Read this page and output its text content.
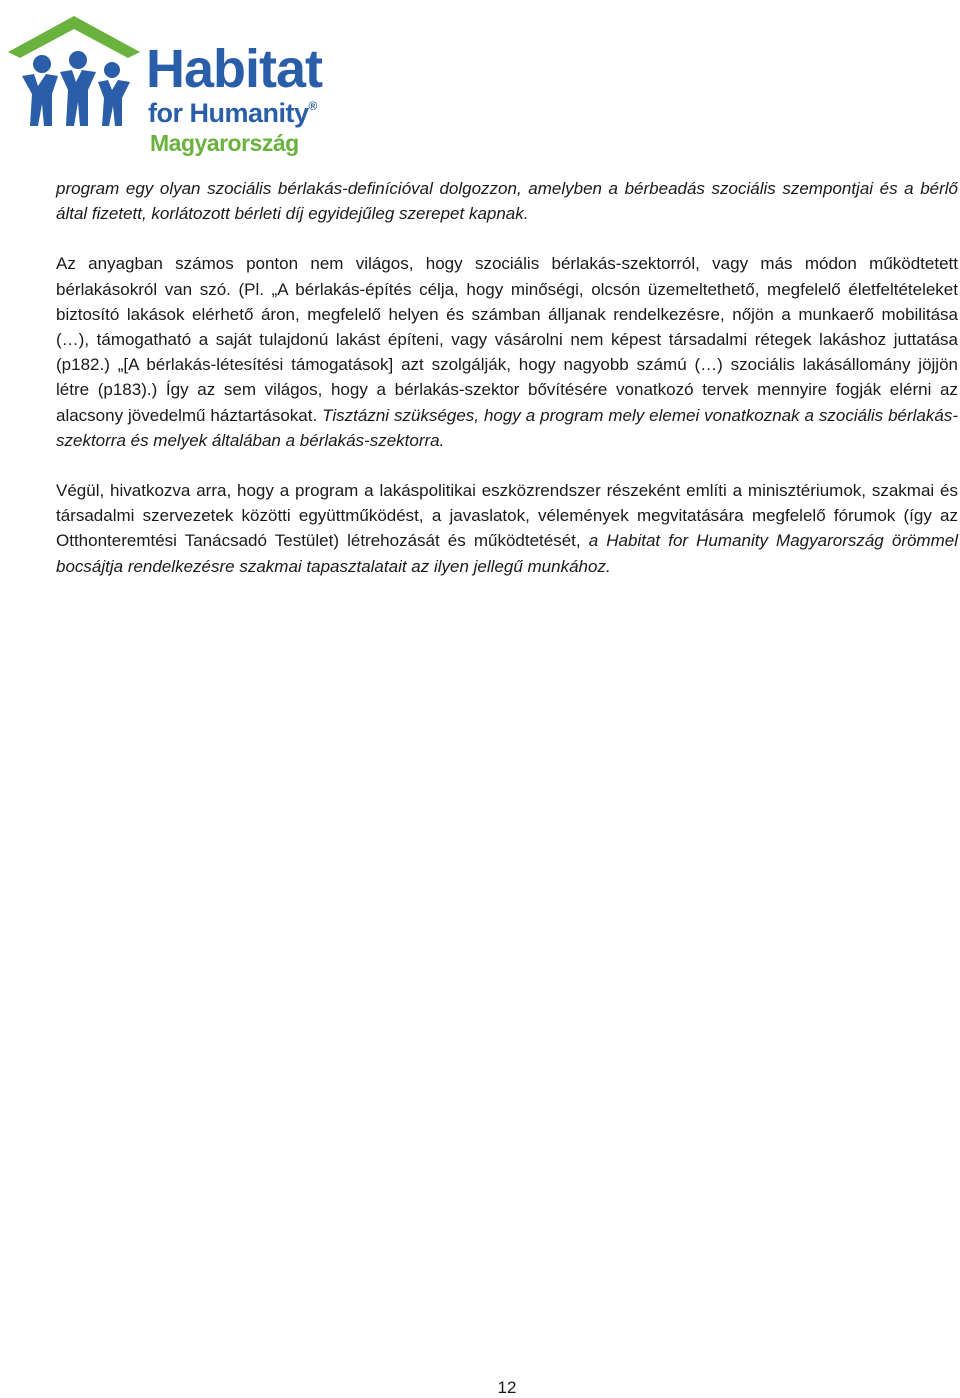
Habitat
for Humanity®
Magyarország

program egy olyan szociális bérlakás-definícióval dolgozzon, amelyben a bérbeadás szociális szempontjai és a bérlő által fizetett, korlátozott bérleti díj egyidejűleg szerepet kapnak.

Az anyagban számos ponton nem világos, hogy szociális bérlakás-szektorról, vagy más módon működtetett bérlakásokról van szó. (Pl. „A bérlakás-építés célja, hogy minőségi, olcsón üzemeltethető, megfelelő életfeltételeket biztosító lakások elérhető áron, megfelelő helyen és számban álljanak rendelkezésre, nőjön a munkaerő mobilitása (…), támogatható a saját tulajdonú lakást építeni, vagy vásárolni nem képest társadalmi rétegek lakáshoz juttatása (p182.) „[A bérlakás-létesítési támogatások] azt szolgálják, hogy nagyobb számú (…) szociális lakásállomány jöjjön létre (p183).) Így az sem világos, hogy a bérlakás-szektor bővítésére vonatkozó tervek mennyire fogják elérni az alacsony jövedelmű háztartásokat. Tisztázni szükséges, hogy a program mely elemei vonatkoznak a szociális bérlakás-szektorra és melyek általában a bérlakás-szektorra.

Végül, hivatkozva arra, hogy a program a lakáspolitikai eszközrendszer részeként említi a minisztériumok, szakmai és társadalmi szervezetek közötti együttműködést, a javaslatok, vélemények megvitatására megfelelő fórumok (így az Otthonteremtési Tanácsadó Testület) létrehozását és működtetését, a Habitat for Humanity Magyarország örömmel bocsájtja rendelkezésre szakmai tapasztalatait az ilyen jellegű munkához.

12
